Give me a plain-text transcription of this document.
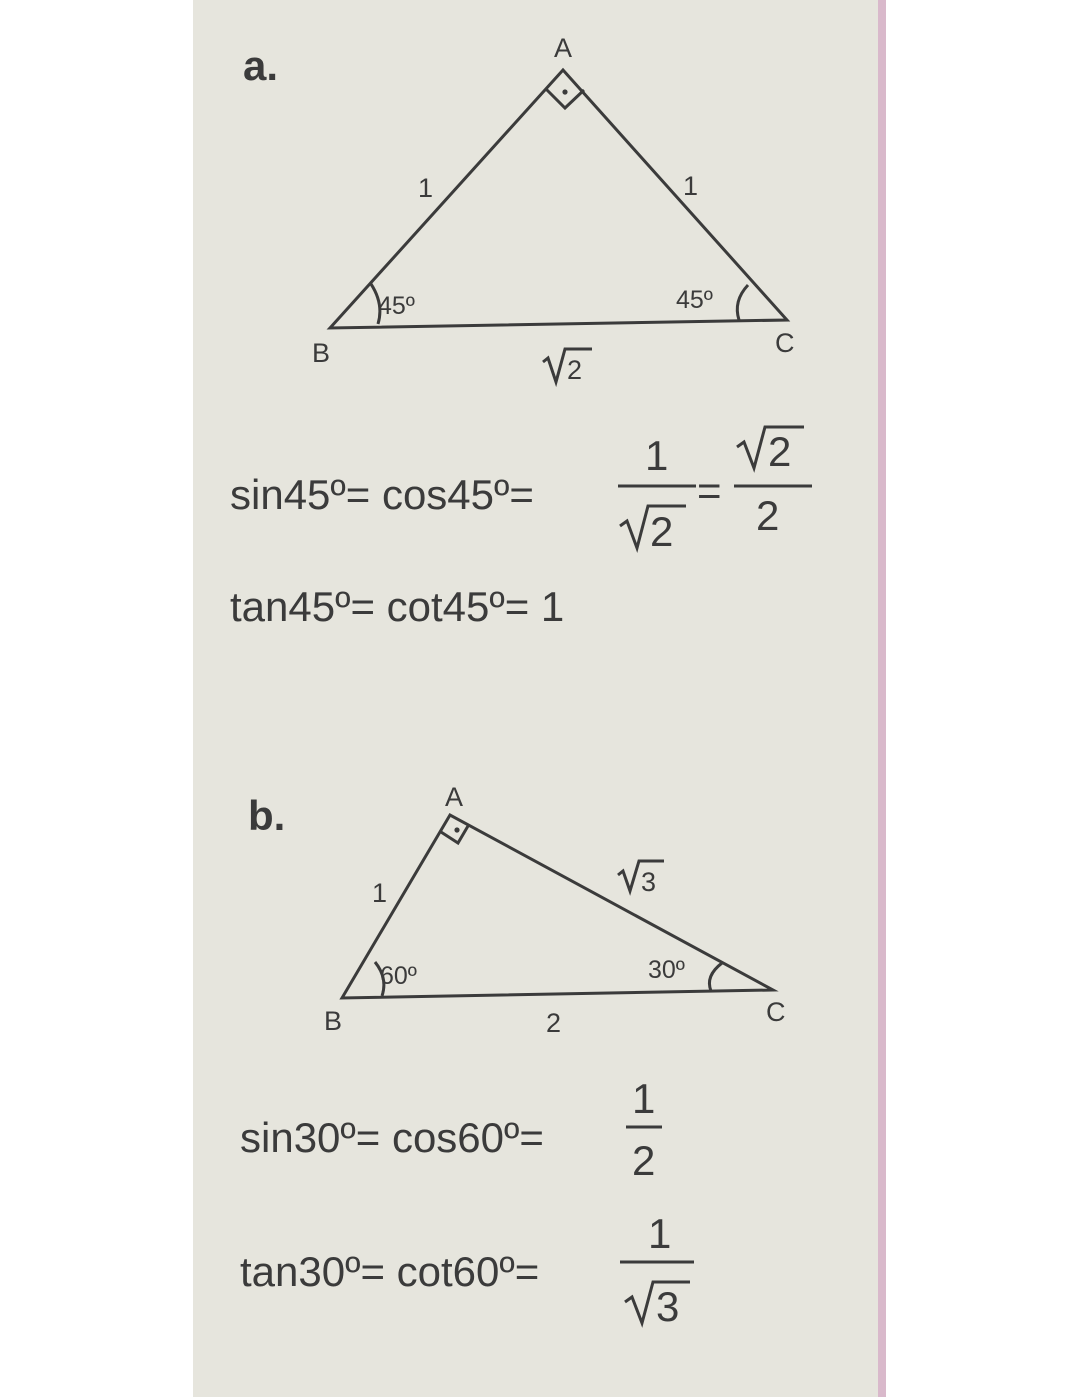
a.	A
B	C
1	1
45º	45º
2
sin45º= cos45º=
1
2
=
2
2
tan45º= cot45º= 1
b.	A
B	C
1
2
60º	30º
3
sin30º= cos60º=
1
2
tan30º= cot60º=
1
3
